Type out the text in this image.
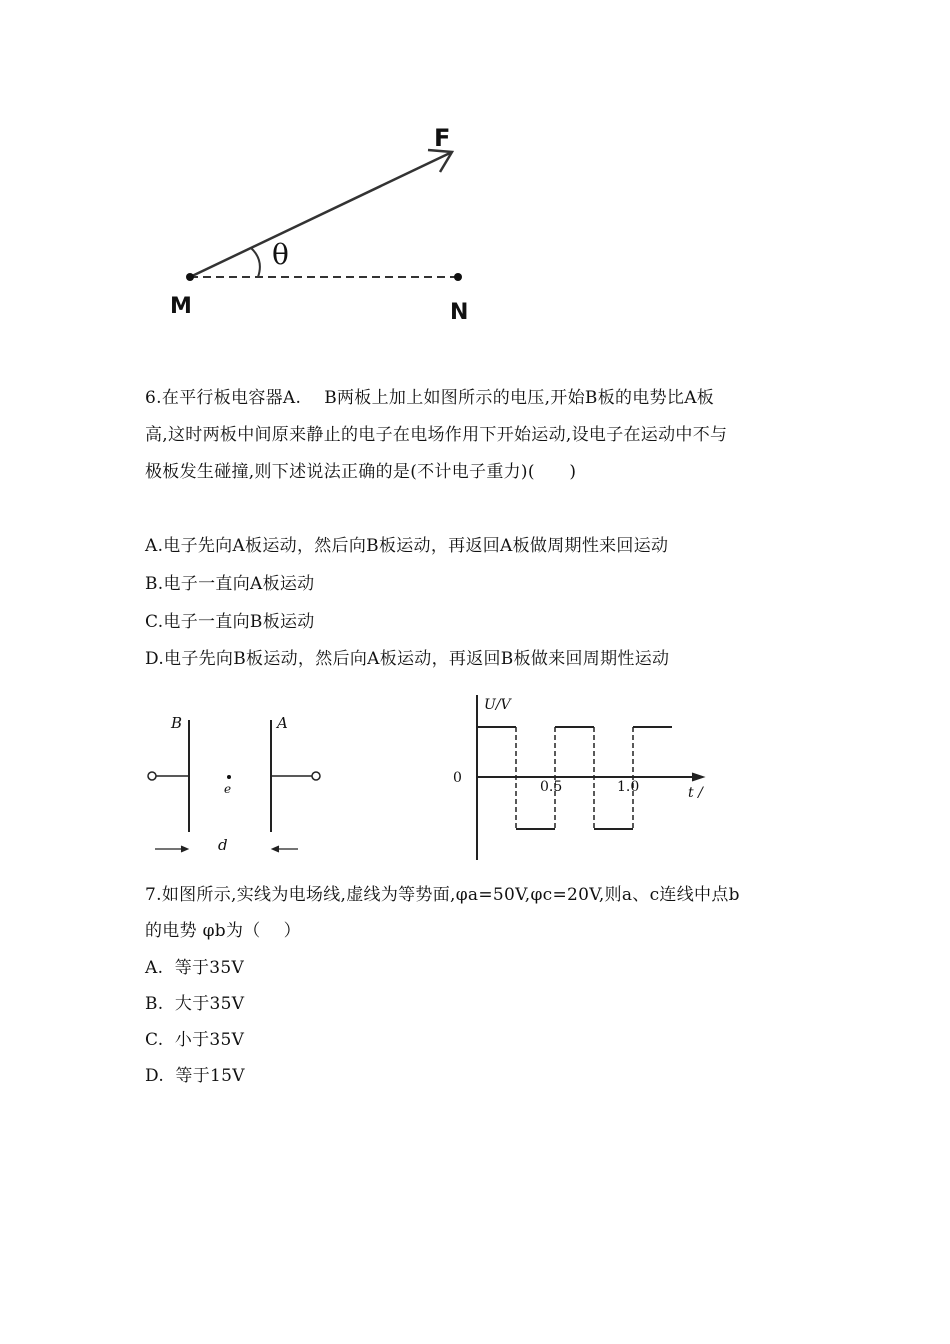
F
θ
M	N
6.在平行板电容器A.　 B两板上加上如图所示的电压,开始B板的电势比A板
高,这时两板中间原来静止的电子在电场作用下开始运动,设电子在运动中不与
极板发生碰撞,则下述说法正确的是(不计电子重力)(　　)
A.电子先向A板运动，然后向B板运动，再返回A板做周期性来回运动
B.电子一直向A板运动
C.电子一直向B板运动
D.电子先向B板运动，然后向A板运动，再返回B板做来回周期性运动
B	A
e
d
U/V
0
0.5	1.0	t /
7.如图所示,实线为电场线,虚线为等势面,φa=50V,φc=20V,则a、c连线中点b
的电势 φb为（　 ）
A.  等于35V
B.  大于35V
C.  小于35V
D.  等于15V
